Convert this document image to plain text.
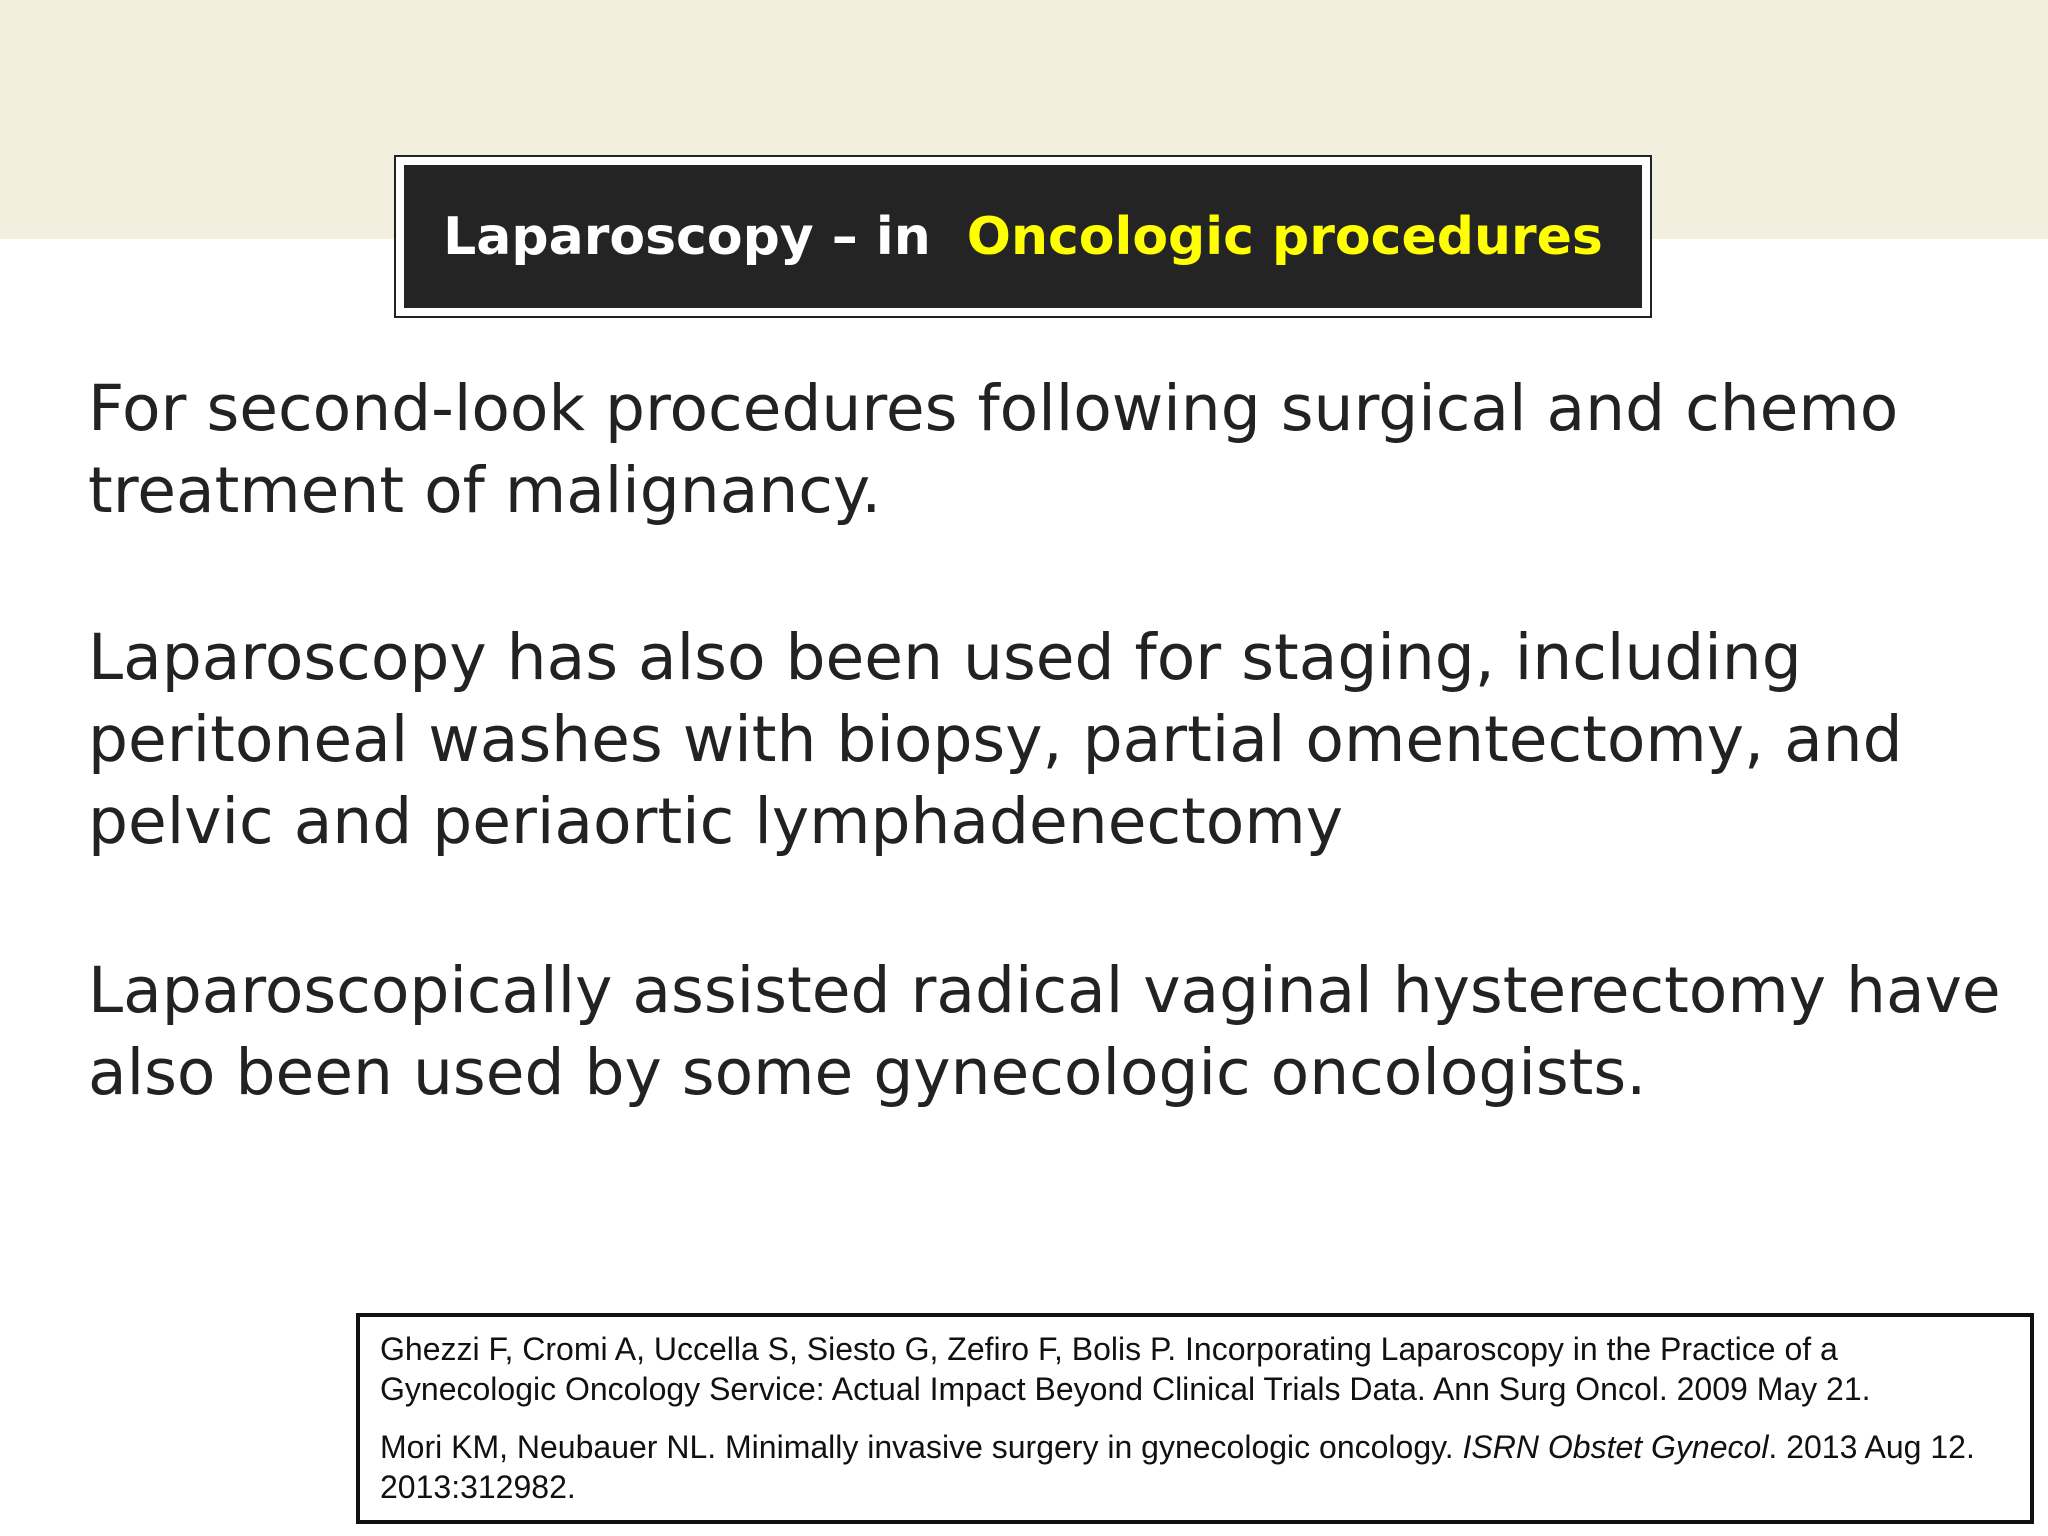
Laparoscopy – in Oncologic procedures

For second-look procedures following surgical and chemo treatment of malignancy.

Laparoscopy has also been used for staging, including peritoneal washes with biopsy, partial omentectomy, and pelvic and periaortic lymphadenectomy

Laparoscopically assisted radical vaginal hysterectomy have also been used by some gynecologic oncologists.

Ghezzi F, Cromi A, Uccella S, Siesto G, Zefiro F, Bolis P. Incorporating Laparoscopy in the Practice of a Gynecologic Oncology Service: Actual Impact Beyond Clinical Trials Data. Ann Surg Oncol. 2009 May 21.

Mori KM, Neubauer NL. Minimally invasive surgery in gynecologic oncology. ISRN Obstet Gynecol. 2013 Aug 12. 2013:312982.
